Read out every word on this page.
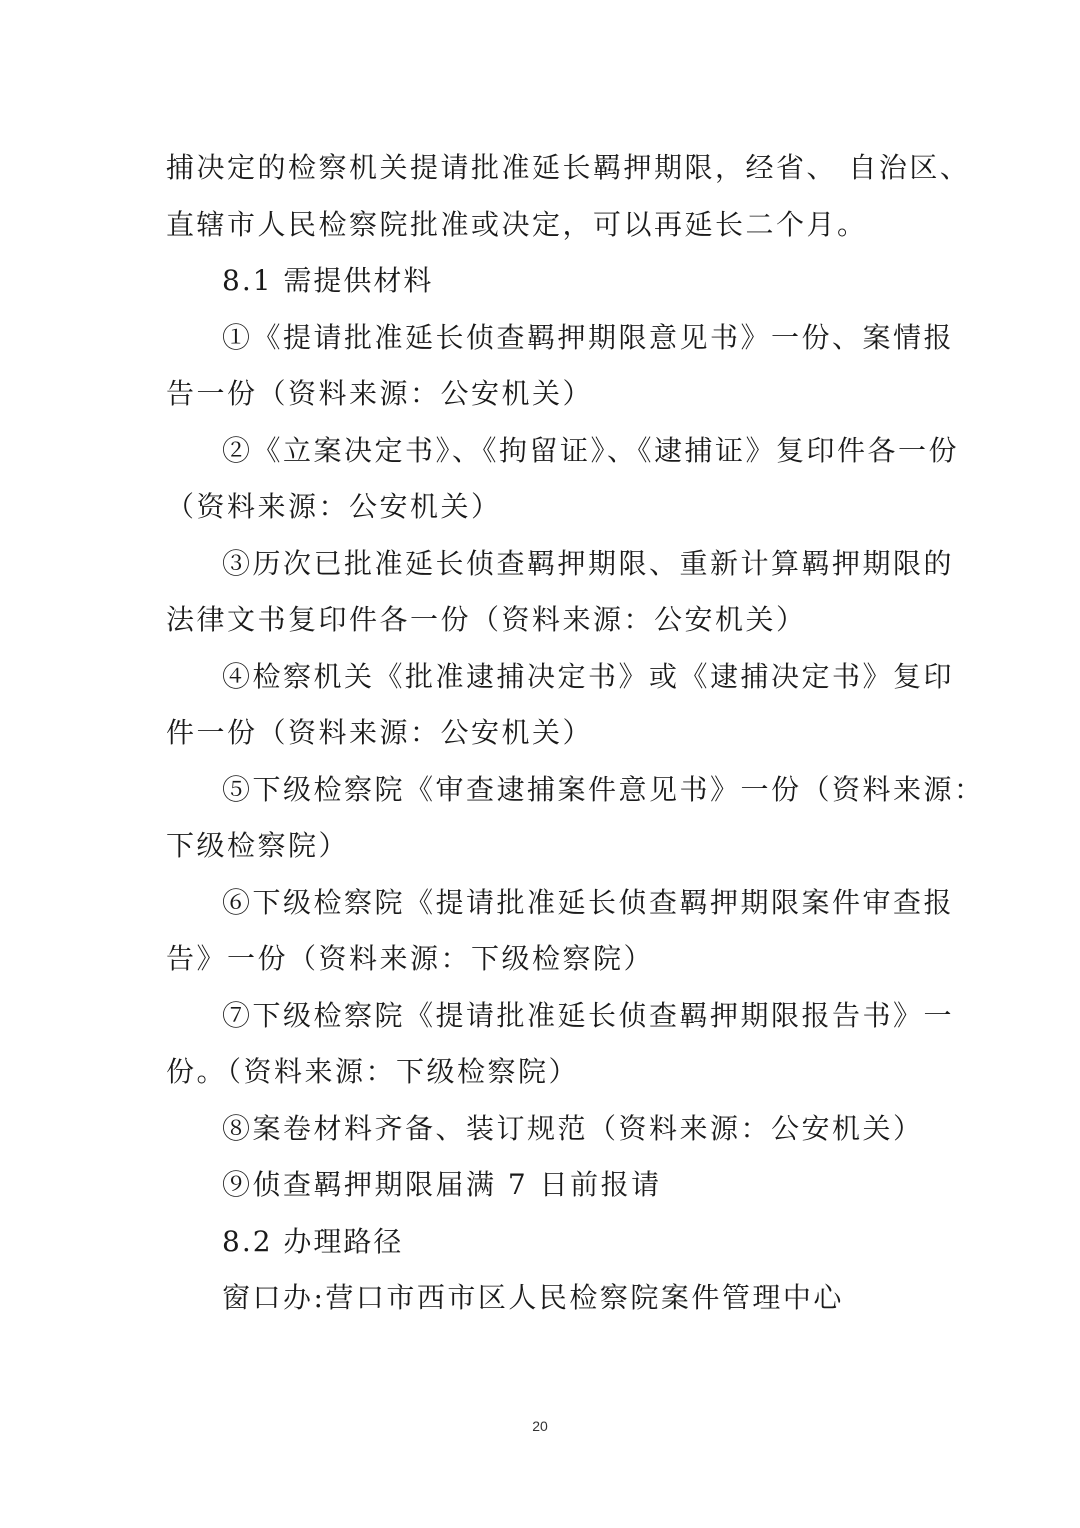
捕决定的检察机关提请批准延长羁押期限，经省、 自治区、
直辖市人民检察院批准或决定，可以再延长二个月。
8.1 需提供材料
①《提请批准延长侦查羁押期限意见书》一份、案情报
告一份（资料来源：公安机关）
②《立案决定书》、《拘留证》、《逮捕证》复印件各一份
（资料来源：公安机关）
③历次已批准延长侦查羁押期限、重新计算羁押期限的
法律文书复印件各一份（资料来源：公安机关）
④检察机关《批准逮捕决定书》或《逮捕决定书》复印
件一份（资料来源：公安机关）
⑤下级检察院《审查逮捕案件意见书》一份（资料来源：
下级检察院）
⑥下级检察院《提请批准延长侦查羁押期限案件审查报
告》一份（资料来源：下级检察院）
⑦下级检察院《提请批准延长侦查羁押期限报告书》一
份。（资料来源：下级检察院）
⑧案卷材料齐备、装订规范（资料来源：公安机关）
⑨侦查羁押期限届满 7 日前报请
8.2 办理路径
窗口办:营口市西市区人民检察院案件管理中心
20
